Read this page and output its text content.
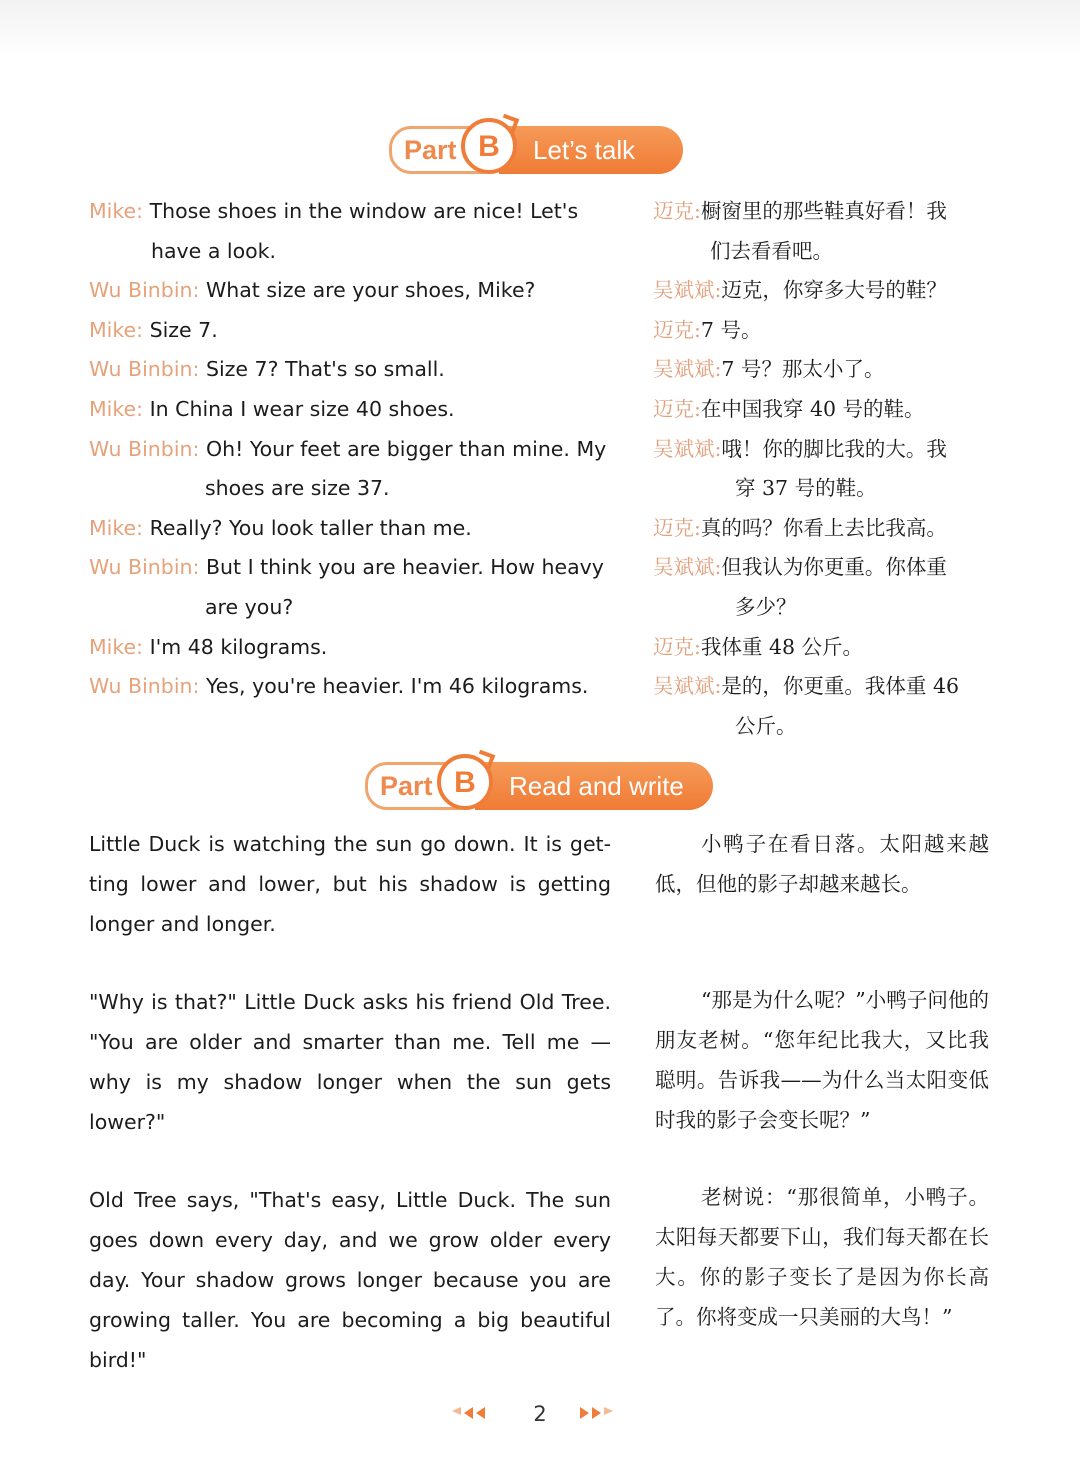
Part	Let’s talk
B
Mike: Those shoes in the window are nice! Let's
have a look.
Wu Binbin: What size are your shoes, Mike?
Mike: Size 7.
Wu Binbin: Size 7? That's so small.
Mike: In China I wear size 40 shoes.
Wu Binbin: Oh! Your feet are bigger than mine. My
shoes are size 37.
Mike: Really? You look taller than me.
Wu Binbin: But I think you are heavier. How heavy
are you?
Mike: I'm 48 kilograms.
Wu Binbin: Yes, you're heavier. I'm 46 kilograms.
迈克:橱窗里的那些鞋真好看！我
们去看看吧。
吴斌斌:迈克，你穿多大号的鞋？
迈克:7 号。
吴斌斌:7 号？那太小了。
迈克:在中国我穿 40 号的鞋。
吴斌斌:哦！你的脚比我的大。我
穿 37 号的鞋。
迈克:真的吗？你看上去比我高。
吴斌斌:但我认为你更重。你体重
多少？
迈克:我体重 48 公斤。
吴斌斌:是的，你更重。我体重 46
公斤。
Part	Read and write
B
Little Duck is watching the sun go down. It is get-ting lower and lower, but his shadow is getting longer and longer.
"Why is that?" Little Duck asks his friend Old Tree. "You are older and smarter than me. Tell me — why is my shadow longer when the sun gets lower?"
Old Tree says, "That's easy, Little Duck. The sun goes down every day, and we grow older every day. Your shadow grows longer because you are growing taller. You are becoming a big beautiful bird!"
小鸭子在看日落。太阳越来越低，但他的影子却越来越长。
“那是为什么呢？”小鸭子问他的朋友老树。“您年纪比我大，又比我聪明。告诉我——为什么当太阳变低时我的影子会变长呢？”
老树说：“那很简单，小鸭子。太阳每天都要下山，我们每天都在长大。你的影子变长了是因为你长高了。你将变成一只美丽的大鸟！”
2
